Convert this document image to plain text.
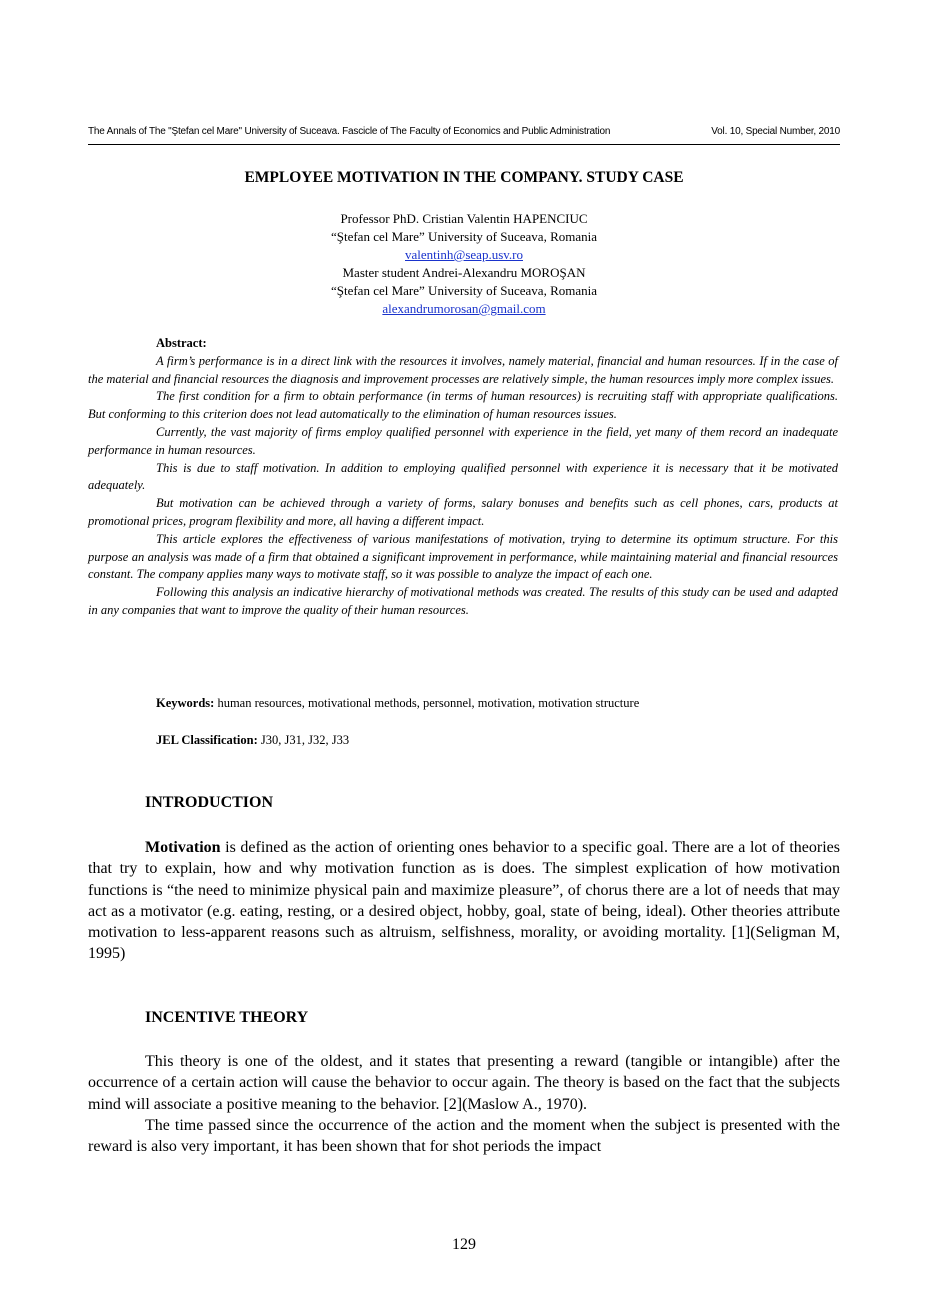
The Annals of The "Ştefan cel Mare" University of Suceava. Fascicle of The Faculty of Economics and Public Administration	Vol. 10, Special Number, 2010
EMPLOYEE MOTIVATION IN THE COMPANY. STUDY CASE
Professor PhD. Cristian Valentin HAPENCIUC
“Ştefan cel Mare” University of Suceava, Romania
valentinh@seap.usv.ro
Master student Andrei-Alexandru MOROŞAN
“Ştefan cel Mare” University of Suceava, Romania
alexandrumorosan@gmail.com
Abstract:

A firm’s performance is in a direct link with the resources it involves, namely material, financial and human resources. If in the case of the material and financial resources the diagnosis and improvement processes are relatively simple, the human resources imply more complex issues.

The first condition for a firm to obtain performance (in terms of human resources) is recruiting staff with appropriate qualifications. But conforming to this criterion does not lead automatically to the elimination of human resources issues.

Currently, the vast majority of firms employ qualified personnel with experience in the field, yet many of them record an inadequate performance in human resources.

This is due to staff motivation. In addition to employing qualified personnel with experience it is necessary that it be motivated adequately.

But motivation can be achieved through a variety of forms, salary bonuses and benefits such as cell phones, cars, products at promotional prices, program flexibility and more, all having a different impact.

This article explores the effectiveness of various manifestations of motivation, trying to determine its optimum structure. For this purpose an analysis was made of a firm that obtained a significant improvement in performance, while maintaining material and financial resources constant. The company applies many ways to motivate staff, so it was possible to analyze the impact of each one.

Following this analysis an indicative hierarchy of motivational methods was created. The results of this study can be used and adapted in any companies that want to improve the quality of their human resources.

Keywords: human resources, motivational methods, personnel, motivation, motivation structure
JEL Classification: J30, J31, J32, J33
INTRODUCTION

Motivation is defined as the action of orienting ones behavior to a specific goal. There are a lot of theories that try to explain, how and why motivation function as is does. The simplest explication of how motivation functions is “the need to minimize physical pain and maximize pleasure”, of chorus there are a lot of needs that may act as a motivator (e.g. eating, resting, or a desired object, hobby, goal, state of being, ideal). Other theories attribute motivation to less-apparent reasons such as altruism, selfishness, morality, or avoiding mortality. [1](Seligman M, 1995)

INCENTIVE THEORY

This theory is one of the oldest, and it states that presenting a reward (tangible or intangible) after the occurrence of a certain action will cause the behavior to occur again. The theory is based on the fact that the subjects mind will associate a positive meaning to the behavior. [2](Maslow A., 1970).

The time passed since the occurrence of the action and the moment when the subject is presented with the reward is also very important, it has been shown that for shot periods the impact

129
